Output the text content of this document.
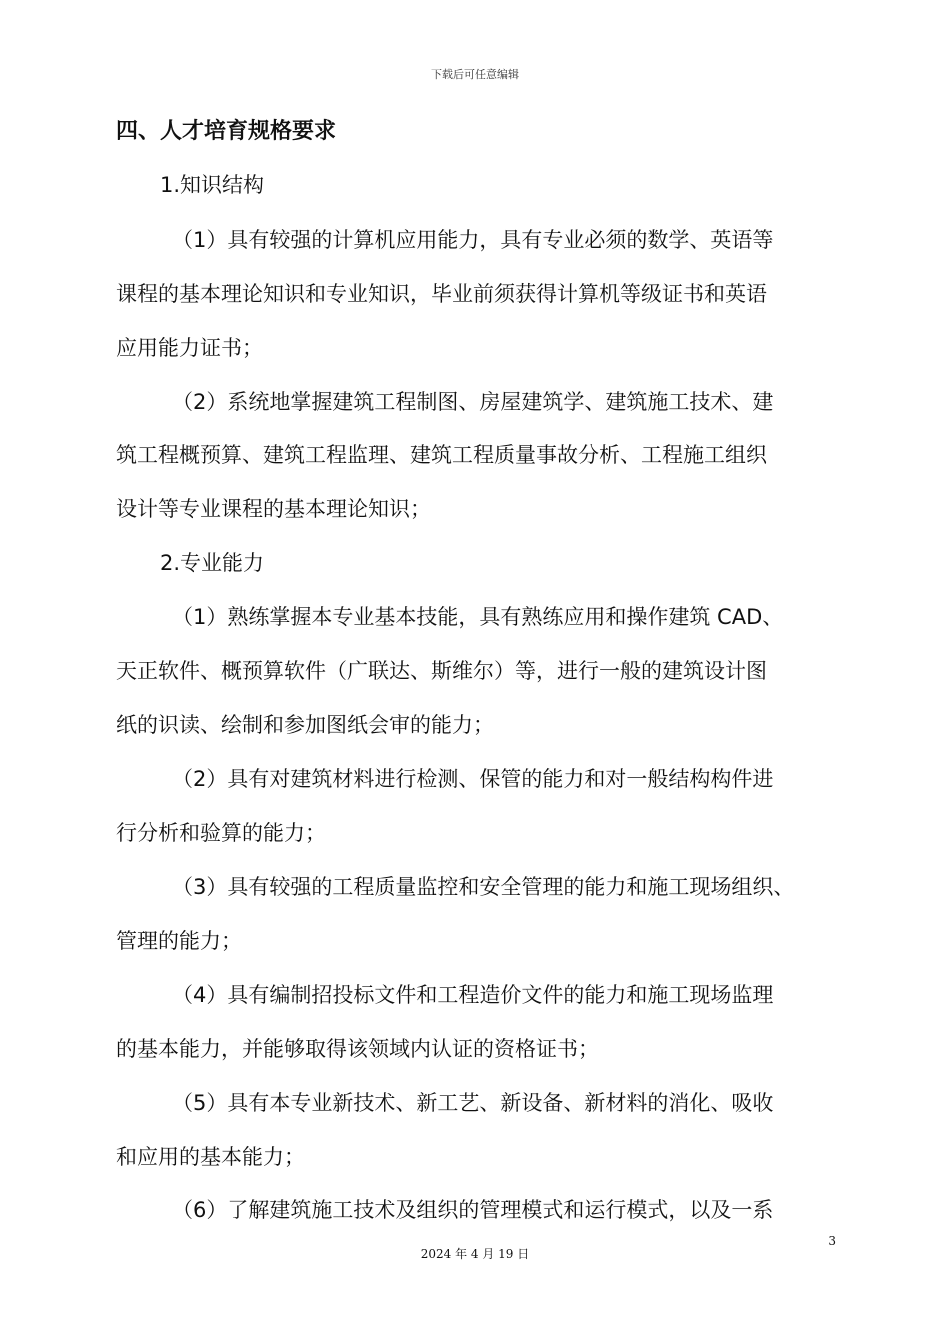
下载后可任意编辑
四、人才培育规格要求
1.知识结构
（1）具有较强的计算机应用能力，具有专业必须的数学、英语等
课程的基本理论知识和专业知识，毕业前须获得计算机等级证书和英语
应用能力证书；
（2）系统地掌握建筑工程制图、房屋建筑学、建筑施工技术、建
筑工程概预算、建筑工程监理、建筑工程质量事故分析、工程施工组织
设计等专业课程的基本理论知识；
2.专业能力
（1）熟练掌握本专业基本技能，具有熟练应用和操作建筑 CAD、
天正软件、概预算软件（广联达、斯维尔）等，进行一般的建筑设计图
纸的识读、绘制和参加图纸会审的能力；
（2）具有对建筑材料进行检测、保管的能力和对一般结构构件进
行分析和验算的能力；
（3）具有较强的工程质量监控和安全管理的能力和施工现场组织、
管理的能力；
（4）具有编制招投标文件和工程造价文件的能力和施工现场监理
的基本能力，并能够取得该领域内认证的资格证书；
（5）具有本专业新技术、新工艺、新设备、新材料的消化、吸收
和应用的基本能力；
（6）了解建筑施工技术及组织的管理模式和运行模式，以及一系
3
2024 年 4 月 19 日
